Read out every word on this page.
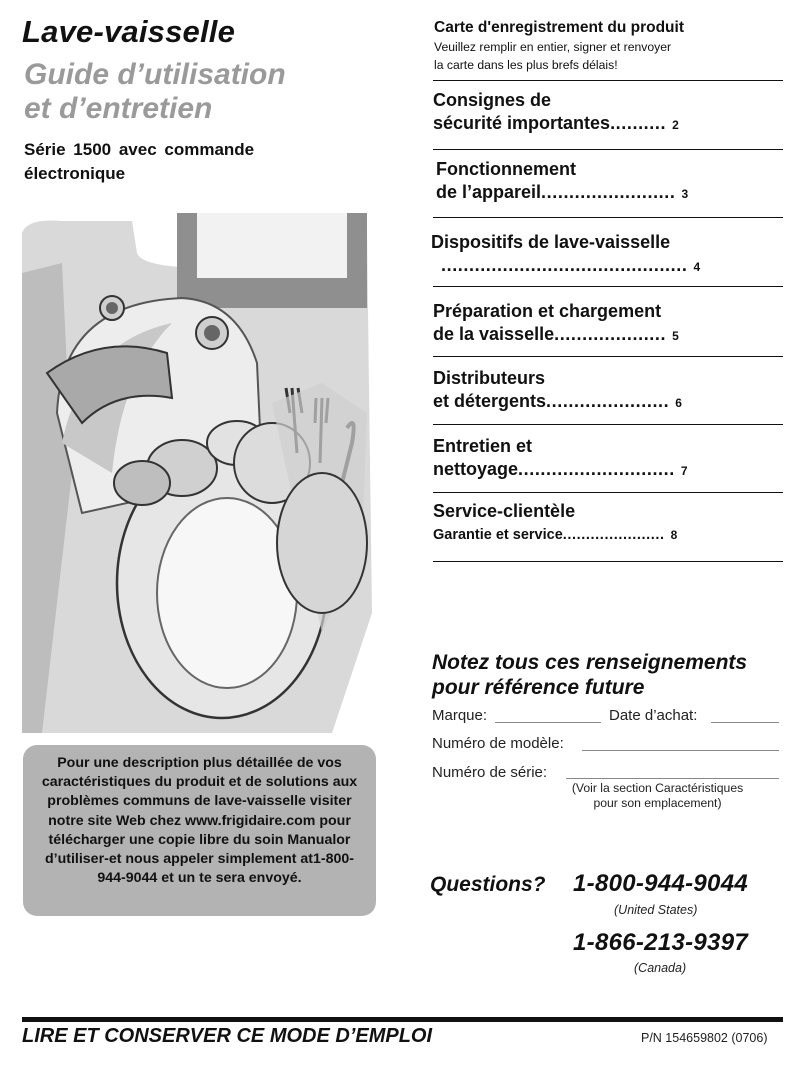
Lave-vaisselle
Guide d’utilisation
et d’entretien
Série 1500 avec commande
électronique
Pour une description plus détaillée de vos caractéristiques du produit et de solutions aux problèmes communs de lave-vaisselle visiter notre site Web chez www.frigidaire.com pour télécharger une copie libre du soin Manualor d’utiliser-et nous appeler simplement at1-800-944-9044 et un te sera envoyé.
Carte d'enregistrement du produit
Veuillez remplir en entier, signer et renvoyer
la carte dans les plus brefs délais!
Consignes de
sécurité importantes.......... 2
Fonctionnement
de l’appareil........................ 3
Dispositifs de lave-vaisselle
............................................ 4
Préparation et chargement
de la vaisselle.................... 5
Distributeurs
et détergents...................... 6
Entretien et
nettoyage............................ 7
Service-clientèle
Garantie et service...................... 8
Notez tous ces renseignements
pour référence future
Marque:	Date d’achat:
Numéro de modèle:
Numéro de série:
(Voir la section Caractéristiques
pour son emplacement)
Questions? 1-800-944-9044
(United States)
1-866-213-9397
(Canada)
LIRE ET CONSERVER CE MODE D’EMPLOI	P/N 154659802 (0706)
